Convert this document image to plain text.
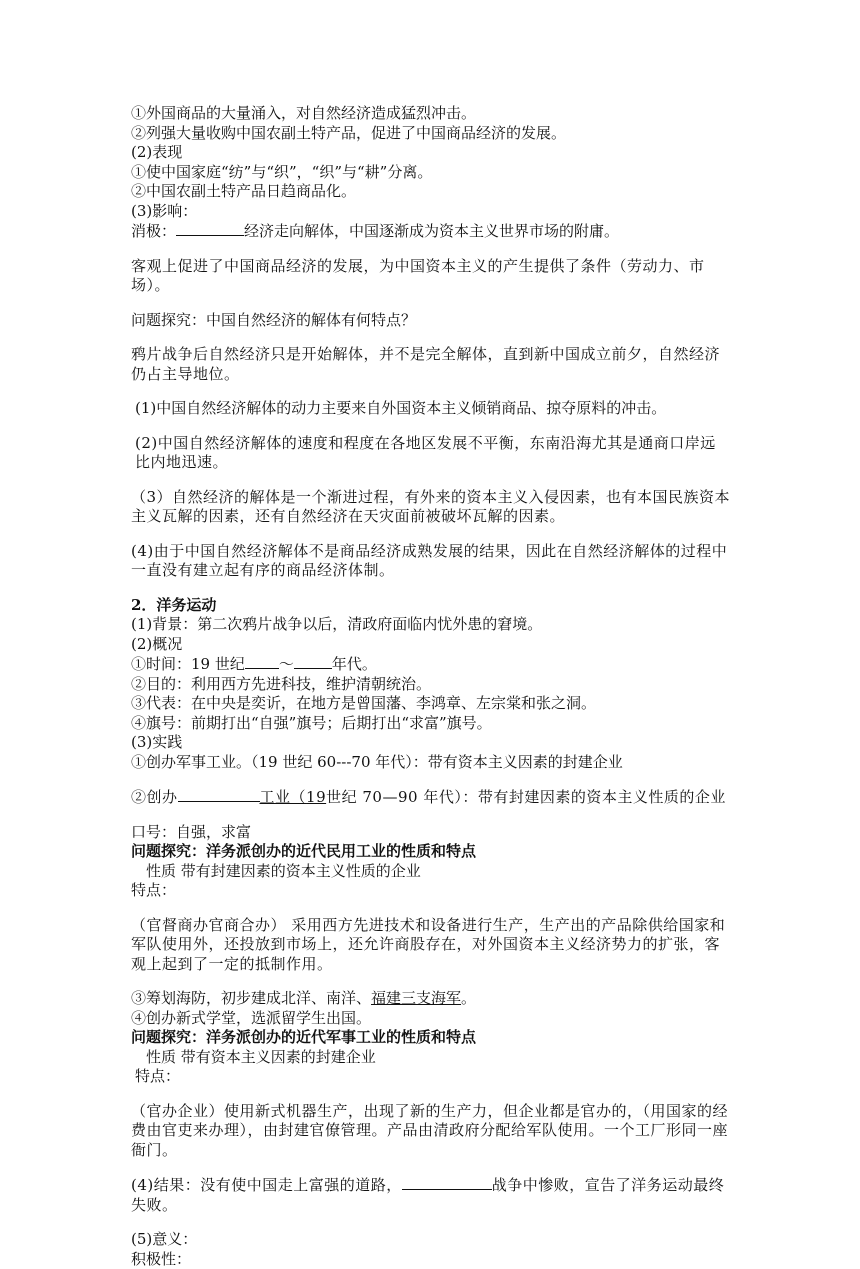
①外国商品的大量涌入，对自然经济造成猛烈冲击。

②列强大量收购中国农副土特产品，促进了中国商品经济的发展。

(2)表现

①使中国家庭“纺”与“织”，“织”与“耕”分离。

②中国农副土特产品日趋商品化。

(3)影响：

消极：	经济走向解体，中国逐渐成为资本主义世界市场的附庸。

客观上促进了中国商品经济的发展，为中国资本主义的产生提供了条件（劳动力、市场）。

问题探究：中国自然经济的解体有何特点？

鸦片战争后自然经济只是开始解体，并不是完全解体，直到新中国成立前夕，自然经济仍占主导地位。

(1)中国自然经济解体的动力主要来自外国资本主义倾销商品、掠夺原料的冲击。

(2)中国自然经济解体的速度和程度在各地区发展不平衡，东南沿海尤其是通商口岸远比内地迅速。

（3）自然经济的解体是一个渐进过程，有外来的资本主义入侵因素，也有本国民族资本主义瓦解的因素，还有自然经济在天灾面前被破坏瓦解的因素。

(4)由于中国自然经济解体不是商品经济成熟发展的结果，因此在自然经济解体的过程中一直没有建立起有序的商品经济体制。

2．洋务运动

(1)背景：第二次鸦片战争以后，清政府面临内忧外患的窘境。

(2)概况

①时间：19 世纪 ～	年代。

②目的：利用西方先进科技，维护清朝统治。

③代表：在中央是奕䜣，在地方是曾国藩、李鸿章、左宗棠和张之洞。

④旗号：前期打出“自强”旗号；后期打出“求富”旗号。

(3)实践

①创办军事工业。（19 世纪 60---70 年代）：带有资本主义因素的封建企业

②创办	工业（19世纪 70—90 年代）：带有封建因素的资本主义性质的企业

口号：自强，求富

问题探究：洋务派创办的近代民用工业的性质和特点

性质 带有封建因素的资本主义性质的企业

特点：

（官督商办官商合办） 采用西方先进技术和设备进行生产，生产出的产品除供给国家和军队使用外，还投放到市场上，还允许商股存在，对外国资本主义经济势力的扩张，客观上起到了一定的抵制作用。

③筹划海防，初步建成北洋、南洋、福建三支海军。

④创办新式学堂，选派留学生出国。

问题探究：洋务派创办的近代军事工业的性质和特点

性质 带有资本主义因素的封建企业

特点：

（官办企业）使用新式机器生产，出现了新的生产力，但企业都是官办的，（用国家的经费由官吏来办理），由封建官僚管理。产品由清政府分配给军队使用。一个工厂形同一座衙门。

(4)结果：没有使中国走上富强的道路，	战争中惨败，宣告了洋务运动最终失败。

(5)意义：

积极性：
